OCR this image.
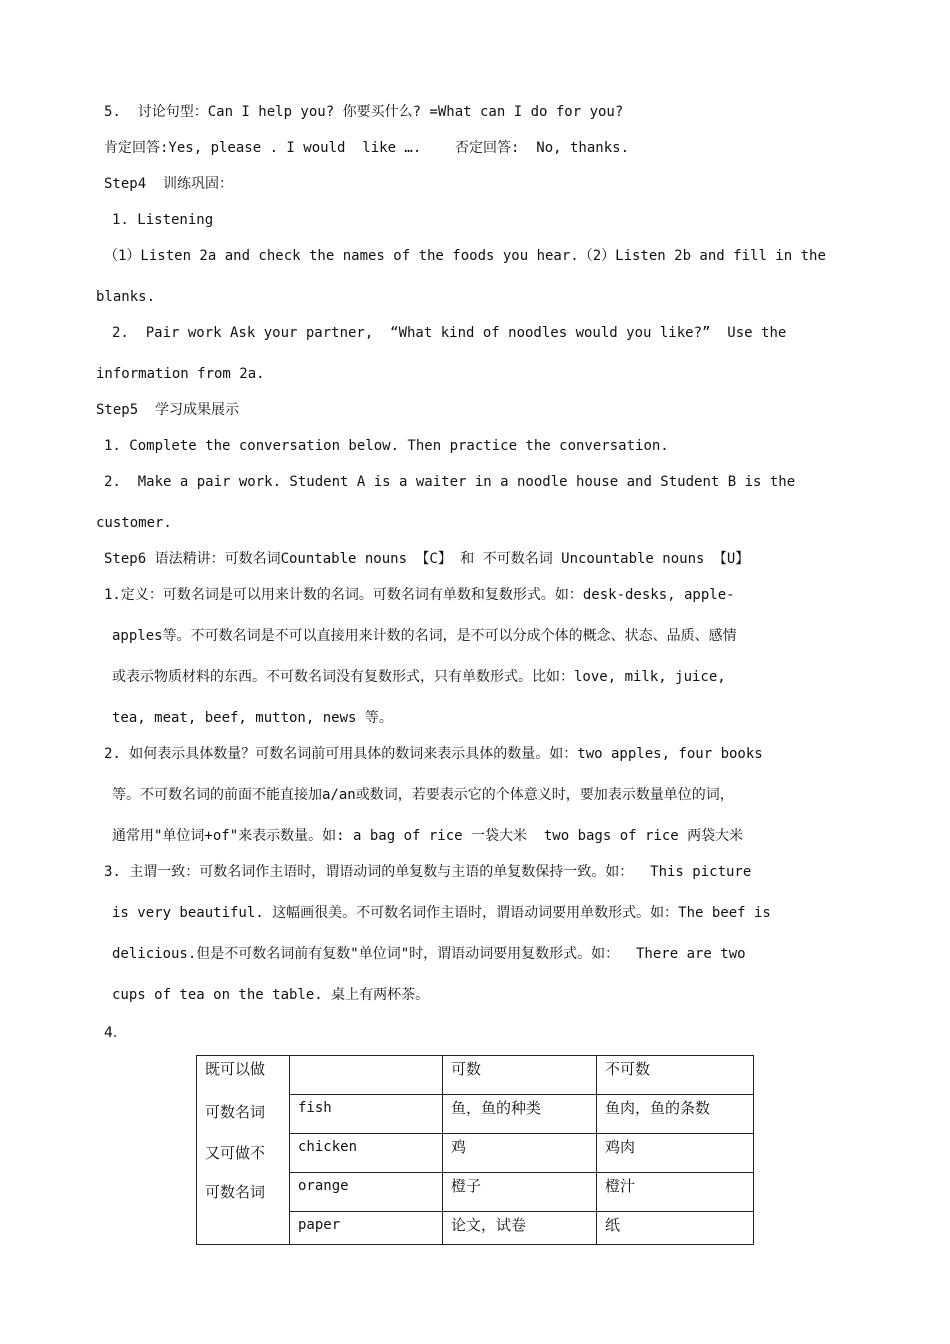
5.  讨论句型：Can I help you? 你要买什么? =What can I do for you?
肯定回答:Yes, please . I would  like ….    否定回答:  No, thanks.
Step4  训练巩固：
1. Listening
（1）Listen 2a and check the names of the foods you hear.（2）Listen 2b and fill in the
blanks.
2.  Pair work Ask your partner,  “What kind of noodles would you like?”  Use the
information from 2a.
Step5  学习成果展示
1. Complete the conversation below. Then practice the conversation.
2.  Make a pair work. Student A is a waiter in a noodle house and Student B is the
customer.
Step6 语法精讲：可数名词Countable nouns 【C】 和 不可数名词 Uncountable nouns 【U】
1.定义：可数名词是可以用来计数的名词。可数名词有单数和复数形式。如：desk-desks, apple-
apples等。不可数名词是不可以直接用来计数的名词，是不可以分成个体的概念、状态、品质、感情
或表示物质材料的东西。不可数名词没有复数形式，只有单数形式。比如：love, milk, juice,
tea, meat, beef, mutton, news 等。
2. 如何表示具体数量？可数名词前可用具体的数词来表示具体的数量。如：two apples, four books
等。不可数名词的前面不能直接加a/an或数词，若要表示它的个体意义时，要加表示数量单位的词，
通常用"单位词+of"来表示数量。如: a bag of rice 一袋大米  two bags of rice 两袋大米
3. 主谓一致：可数名词作主语时，谓语动词的单复数与主语的单复数保持一致。如：  This picture
is very beautiful. 这幅画很美。不可数名词作主语时，谓语动词要用单数形式。如：The beef is
delicious.但是不可数名词前有复数"单位词"时，谓语动词要用复数形式。如：  There are two
cups of tea on the table. 桌上有两杯茶。
4.
既可以做
可数名词
又可做不
可数名词		可数	不可数
	fish	鱼，鱼的种类	鱼肉，鱼的条数
	chicken	鸡	鸡肉
	orange	橙子	橙汁
	paper	论文，试卷	纸
